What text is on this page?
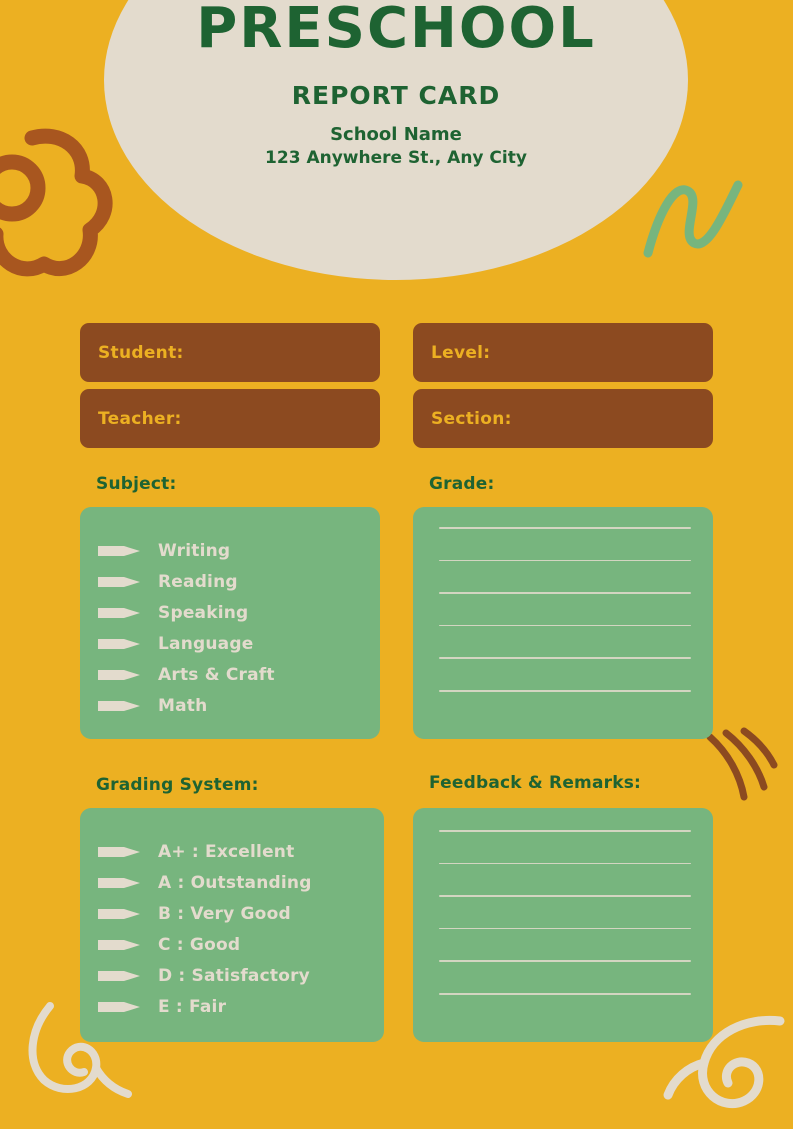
PRESCHOOL
REPORT CARD
School Name
123 Anywhere St., Any City
Student:	Level:
Teacher:	Section:
Subject:	Grade:
Grading System:	Feedback & Remarks:
Writing
Reading
Speaking
Language
Arts & Craft
Math
A+ : Excellent
A : Outstanding
B : Very Good
C : Good
D : Satisfactory
E : Fair
